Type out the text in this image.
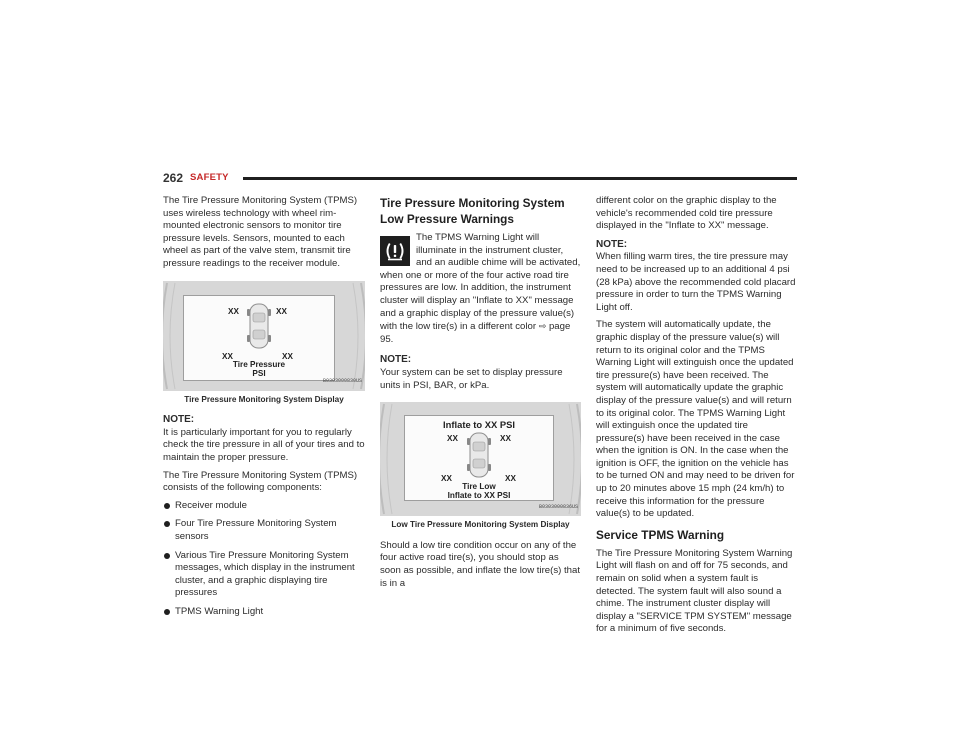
262 SAFETY

The Tire Pressure Monitoring System (TPMS) uses wireless technology with wheel rim-mounted electronic sensors to monitor tire pressure levels. Sensors, mounted to each wheel as part of the valve stem, transmit tire pressure readings to the receiver module.

XX	XX
XX	XX
Tire Pressure
PSI
B0303000830US
Tire Pressure Monitoring System Display
NOTE:

It is particularly important for you to regularly check the tire pressure in all of your tires and to maintain the proper pressure.

The Tire Pressure Monitoring System (TPMS) consists of the following components:

Receiver module
Four Tire Pressure Monitoring System sensors
Various Tire Pressure Monitoring System messages, which display in the instrument cluster, and a graphic displaying tire pressures
TPMS Warning Light
Tire Pressure Monitoring System Low Pressure Warnings
The TPMS Warning Light will illuminate in the instrument cluster, and an audible chime will be activated, when one or more of the four active road tire pressures are low. In addition, the instrument cluster will display an "Inflate to XX" message and a graphic display of the pressure value(s) with the low tire(s) in a different color ⇨ page 95.
NOTE:

Your system can be set to display pressure units in PSI, BAR, or kPa.

Inflate to XX PSI
XX	XX
XX	XX
Tire Low
Inflate to XX PSI
B0303000836US
Low Tire Pressure Monitoring System Display

Should a low tire condition occur on any of the four active road tire(s), you should stop as soon as possible, and inflate the low tire(s) that is in a

different color on the graphic display to the vehicle's recommended cold tire pressure displayed in the "Inflate to XX" message.

NOTE:

When filling warm tires, the tire pressure may need to be increased up to an additional 4 psi (28 kPa) above the recommended cold placard pressure in order to turn the TPMS Warning Light off.

The system will automatically update, the graphic display of the pressure value(s) will return to its original color and the TPMS Warning Light will extinguish once the updated tire pressure(s) have been received. The system will automatically update the graphic display of the pressure value(s) and will return to its original color. The TPMS Warning Light will extinguish once the updated tire pressure(s) have been received in the case when the ignition is ON. In the case when the ignition is OFF, the ignition on the vehicle has to be turned ON and may need to be driven for up to 20 minutes above 15 mph (24 km/h) to receive this information for the pressure value(s) to be updated.

Service TPMS Warning

The Tire Pressure Monitoring System Warning Light will flash on and off for 75 seconds, and remain on solid when a system fault is detected. The system fault will also sound a chime. The instrument cluster display will display a "SERVICE TPM SYSTEM" message for a minimum of five seconds.
